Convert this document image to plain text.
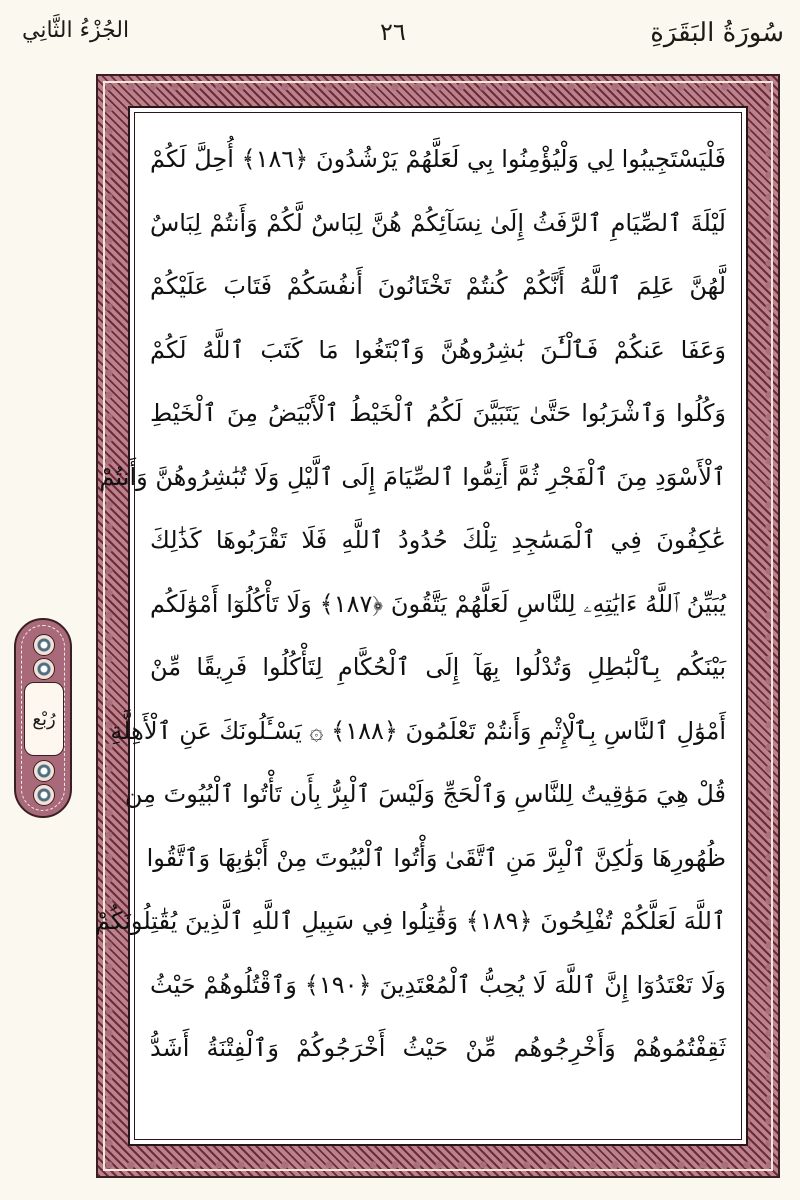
سُورَةُ البَقَرَةِ
٢٦
الجُزْءُ الثَّانِي
فَلْيَسْتَجِيبُوا لِي وَلْيُؤْمِنُوا بِي لَعَلَّهُمْ يَرْشُدُونَ ﴿١٨٦﴾ أُحِلَّ لَكُمْ
لَيْلَةَ ٱلصِّيَامِ ٱلرَّفَثُ إِلَىٰ نِسَآئِكُمْ هُنَّ لِبَاسٌ لَّكُمْ وَأَنتُمْ لِبَاسٌ
لَّهُنَّ عَلِمَ ٱللَّهُ أَنَّكُمْ كُنتُمْ تَخْتَانُونَ أَنفُسَكُمْ فَتَابَ عَلَيْكُمْ
وَعَفَا عَنكُمْ فَٱلْـَٰٔنَ بَٰشِرُوهُنَّ وَٱبْتَغُوا مَا كَتَبَ ٱللَّهُ لَكُمْ
وَكُلُوا وَٱشْرَبُوا حَتَّىٰ يَتَبَيَّنَ لَكُمُ ٱلْخَيْطُ ٱلْأَبْيَضُ مِنَ ٱلْخَيْطِ
ٱلْأَسْوَدِ مِنَ ٱلْفَجْرِ ثُمَّ أَتِمُّوا ٱلصِّيَامَ إِلَى ٱلَّيْلِ وَلَا تُبَٰشِرُوهُنَّ وَأَنتُمْ
عَٰكِفُونَ فِي ٱلْمَسَٰجِدِ تِلْكَ حُدُودُ ٱللَّهِ فَلَا تَقْرَبُوهَا كَذَٰلِكَ
يُبَيِّنُ ٱللَّهُ ءَايَٰتِهِۦ لِلنَّاسِ لَعَلَّهُمْ يَتَّقُونَ ﴿١٨٧﴾ وَلَا تَأْكُلُوٓا أَمْوَٰلَكُم
بَيْنَكُم بِٱلْبَٰطِلِ وَتُدْلُوا بِهَآ إِلَى ٱلْحُكَّامِ لِتَأْكُلُوا فَرِيقًا مِّنْ
أَمْوَٰلِ ٱلنَّاسِ بِٱلْإِثْمِ وَأَنتُمْ تَعْلَمُونَ ﴿١٨٨﴾ ۞ يَسْـَٔلُونَكَ عَنِ ٱلْأَهِلَّةِ
قُلْ هِيَ مَوَٰقِيتُ لِلنَّاسِ وَٱلْحَجِّ وَلَيْسَ ٱلْبِرُّ بِأَن تَأْتُوا ٱلْبُيُوتَ مِن
ظُهُورِهَا وَلَٰكِنَّ ٱلْبِرَّ مَنِ ٱتَّقَىٰ وَأْتُوا ٱلْبُيُوتَ مِنْ أَبْوَٰبِهَا وَٱتَّقُوا
ٱللَّهَ لَعَلَّكُمْ تُفْلِحُونَ ﴿١٨٩﴾ وَقَٰتِلُوا فِي سَبِيلِ ٱللَّهِ ٱلَّذِينَ يُقَٰتِلُونَكُمْ
وَلَا تَعْتَدُوٓا إِنَّ ٱللَّهَ لَا يُحِبُّ ٱلْمُعْتَدِينَ ﴿١٩٠﴾ وَٱقْتُلُوهُمْ حَيْثُ
ثَقِفْتُمُوهُمْ وَأَخْرِجُوهُم مِّنْ حَيْثُ أَخْرَجُوكُمْ وَٱلْفِتْنَةُ أَشَدُّ
رُبْع
